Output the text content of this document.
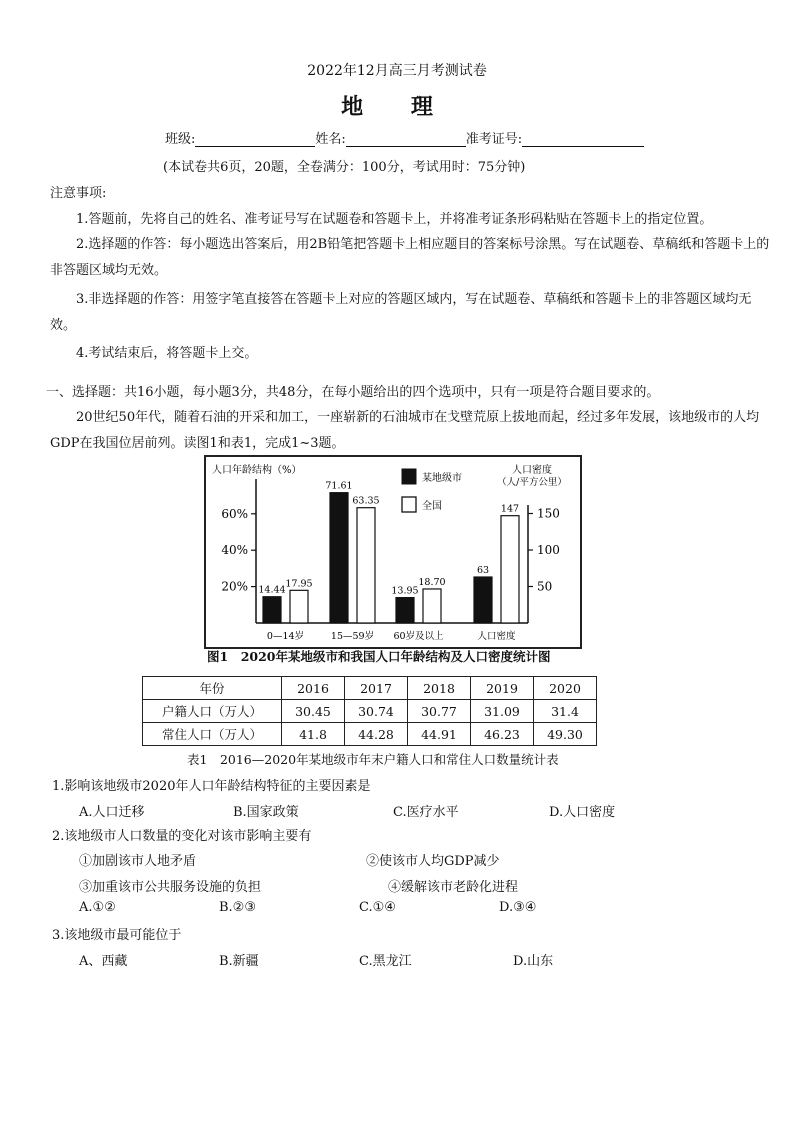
2022年12月高三月考测试卷
地 理
班级:	姓名:	准考证号:
(本试卷共6页，20题，全卷满分：100分，考试用时：75分钟)
注意事项:
1.答题前，先将自己的姓名、准考证号写在试题卷和答题卡上，并将准考证条形码粘贴在答题卡上的指定位置。
2.选择题的作答：每小题选出答案后，用2B铅笔把答题卡上相应题目的答案标号涂黑。写在试题卷、草稿纸和答题卡上的非答题区域均无效。
3.非选择题的作答：用签字笔直接答在答题卡上对应的答题区域内，写在试题卷、草稿纸和答题卡上的非答题区域均无效。
4.考试结束后，将答题卡上交。
一、选择题：共16小题，每小题3分，共48分，在每小题给出的四个选项中，只有一项是符合题目要求的。
20世纪50年代，随着石油的开采和加工，一座崭新的石油城市在戈壁荒原上拔地而起，经过多年发展，该地级市的人均GDP在我国位居前列。读图1和表1，完成1~3题。
人口年龄结构（%）	人口密度
（人/平方公里）
20%
40%
60%
50
100
150
某地级市
全国
14.44
17.95
0—14岁
71.61
63.35
15—59岁
13.95
18.70
60岁及以上
63
147
人口密度
图1　2020年某地级市和我国人口年龄结构及人口密度统计图
年份	2016	2017	2018	2019	2020
户籍人口（万人）	30.45	30.74	30.77	31.09	31.4
常住人口（万人）	41.8	44.28	44.91	46.23	49.30
表1　2016—2020年某地级市年末户籍人口和常住人口数量统计表
1.影响该地级市2020年人口年龄结构特征的主要因素是
A.人口迁移	B.国家政策	C.医疗水平	D.人口密度
2.该地级市人口数量的变化对该市影响主要有
①加剧该市人地矛盾	②使该市人均GDP减少
③加重该市公共服务设施的负担	④缓解该市老龄化进程
A.①②	B.②③	C.①④	D.③④
3.该地级市最可能位于
A、西藏	B.新疆	C.黑龙江	D.山东
